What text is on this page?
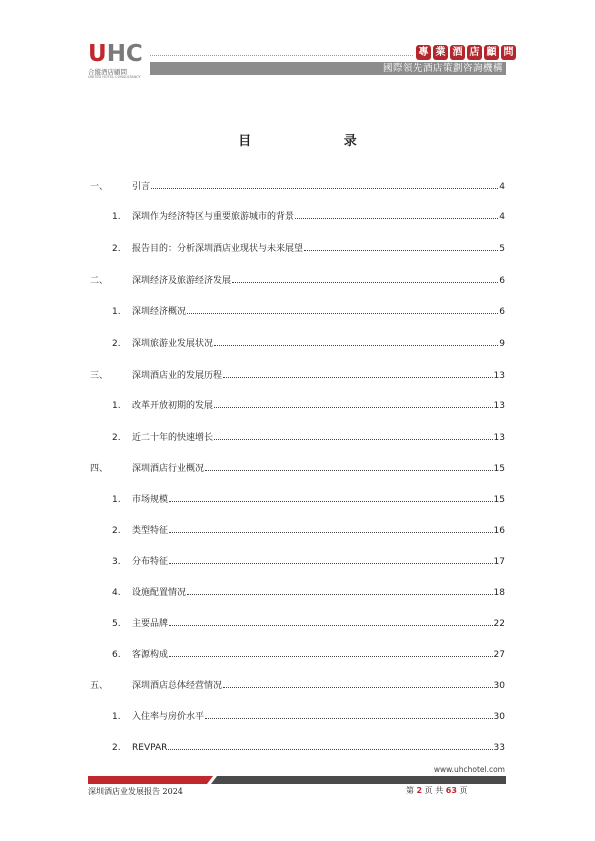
UHC
合縱酒店顧問
UNITED HOTEL CONSULTANCY
專 業 酒 店 顧 問
國際領先酒店策劃咨詢機構
目 录
一、	引言	4
1.	深圳作为经济特区与重要旅游城市的背景	4
2.	报告目的：分析深圳酒店业现状与未来展望	5
二、	深圳经济及旅游经济发展	6
1.	深圳经济概况	6
2.	深圳旅游业发展状况	9
三、	深圳酒店业的发展历程	13
1.	改革开放初期的发展	13
2.	近二十年的快速增长	13
四、	深圳酒店行业概况	15
1.	市场规模	15
2.	类型特征	16
3.	分布特征	17
4.	设施配置情况	18
5.	主要品牌	22
6.	客源构成	27
五、	深圳酒店总体经营情况	30
1.	入住率与房价水平	30
2.	REVPAR	33
www.uhchotel.com
深圳酒店业发展报告 2024	第 2 页 共 63 页
